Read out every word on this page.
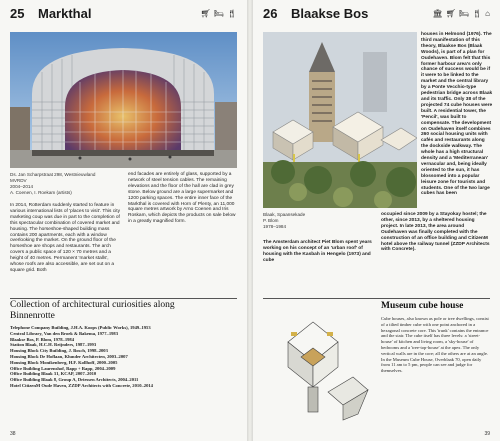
25	Markthal	🛒︎ 🛏︎ 🍴︎
Ds. Jan Scharpstraat 298, Westnieuwland
MVRDV
2004–2014
A. Coenen, I. Roekam (artists)
In 2014, Rotterdam suddenly started to feature in various international lists of 'places to visit'. This city marketing coup was due in part to the completion of this spectacular combination of covered market and housing. The horseshoe-shaped building mass contains 200 apartments, each with a window overlooking the market. On the ground floor of the horseshoe are shops and restaurants. The arch covers a public space of 120 × 70 metres and a height of 40 metres. Permanent 'market stalls', whose roofs are also accessible, are set out on a square grid. Both
end facades are entirely of glass, supported by a network of steel tension cables. The remaining elevations and the floor of the hall are clad in grey stone. Below ground are a large supermarket and 1200 parking spaces. The entire inner face of the Markthal is covered with Horn of Plenty, an 11,000 square metres artwork by Arno Coenen and Iris Roskam, which depicts the products on sale below in a greatly magnified form.
Collection of architectural curiosities along Binnenrotte
Telephone Company Building, J.H.A. Koops (Public Works), 1949–1953
Central Library, Van den Broek & Bakema, 1977–1983
Blaakse Bos, P. Blom, 1978–1984
Station Blaak, H.C.H. Reijnders, 1987–1993
Housing Block City Building, J. Bosch, 1998–2003
Housing Block De Hoflaan, Klunder Architecten, 2003–2007
Housing Block Monikenberg, H.F. Kollhoff, 2000–2005
Office Building Laurenshof, Rapp + Rapp, 2004–2009
Office Building Blaak 31, KCAP, 2007–2010
Office Building Blaak 8, Group A, Driessen Architects, 2004–2011
Hotel CitizenM Oude Haven, ZZDP Architects with Concrete, 2010–2014
38
26	Blaakse Bos	🏛︎ 🛒︎ 🛏︎ 🍴︎ ⌂
houses in Helmond (1976). The third manifestation of this theory, Blaakse Bos (Blaak Woods), is part of a plan for Oudehaven. Blom felt that this former harbour area's only chance of success would be if it were to be linked to the market and the central library by a Ponte Vecchio-type pedestrian bridge across Blaak and its traffic. Only 38 of the projected 74 cube houses were built. A residential tower, the 'Pencil', was built to compensate. The development on Oudehaven itself combines 260 social housing units with cafés and restaurants along the dockside walkway. The whole has a high structural density and a 'Mediterranean' vernacular and, being ideally oriented to the sun, it has blossomed into a popular leisure zone for tourists and students. One of the two large cubes has been
Blaak, Spaansekade
P. Blom
1978–1984
The Amsterdam architect Piet Blom spent years working on his concept of an 'urban roof' of housing with the Kasbah in Hengelo (1973) and cube
occupied since 2009 by a Stayokay hostel; the other, since 2013, by a sheltered housing project. In late 2013, the area around Oudehaven was finally completed with the construction of an office building and CitizenM hotel above the railway tunnel (ZZDP Architects with Concrete).
Museum cube house
Cube houses, also known as pole or tree dwellings, consist of a tilted timber cube with one point anchored in a hexagonal concrete core. This 'trunk' contains the entrance and the stair. The cube itself has three levels: a 'street-house' of kitchen and living room, a 'sky-house' of bedrooms and a 'tree-top-house' at the apex. The only vertical walls are in the core; all the others are at an angle. In the Museum Cube House, Overblaak 70, open daily from 11 am to 5 pm, people can see and judge for themselves.
39
